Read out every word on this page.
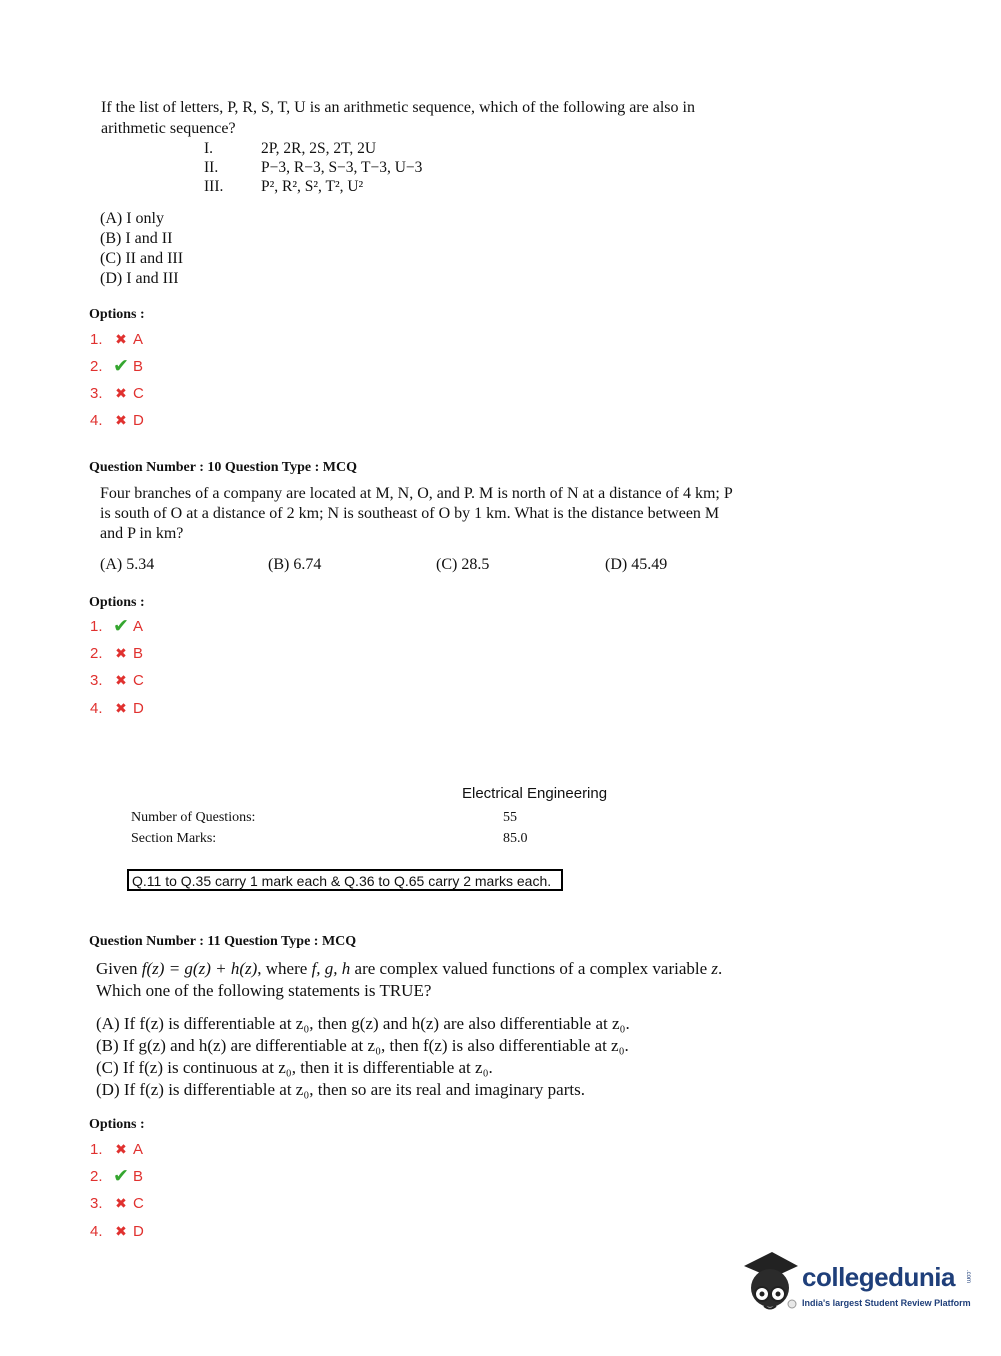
If the list of letters, P, R, S, T, U is an arithmetic sequence, which of the following are also in
arithmetic sequence?
I.	2P, 2R, 2S, 2T, 2U
II.	P−3, R−3, S−3, T−3, U−3
III. P², R², S², T², U²
(A) I only
(B) I and II
(C) II and III
(D) I and III
Options :
1. ✖ A
2. ✔ B
3. ✖ C
4. ✖ D
Question Number : 10 Question Type : MCQ
Four branches of a company are located at M, N, O, and P. M is north of N at a distance of 4 km; P
is south of O at a distance of 2 km; N is southeast of O by 1 km. What is the distance between M
and P in km?
(A) 5.34	(B) 6.74	(C) 28.5	(D) 45.49
Options :
1. ✔ A
2. ✖ B
3. ✖ C
4. ✖ D
Electrical Engineering
Number of Questions:	55
Section Marks:	85.0
Q.11 to Q.35 carry 1 mark each & Q.36 to Q.65 carry 2 marks each.
Question Number : 11 Question Type : MCQ
Given f(z) = g(z) + h(z), where f, g, h are complex valued functions of a complex variable z.
Which one of the following statements is TRUE?
(A) If f(z) is differentiable at z₀, then g(z) and h(z) are also differentiable at z₀.
(B) If g(z) and h(z) are differentiable at z₀, then f(z) is also differentiable at z₀.
(C) If f(z) is continuous at z₀, then it is differentiable at z₀.
(D) If f(z) is differentiable at z₀, then so are its real and imaginary parts.
Options :
1. ✖ A
2. ✔ B
3. ✖ C
4. ✖ D
collegedunia .com
India's largest Student Review Platform
